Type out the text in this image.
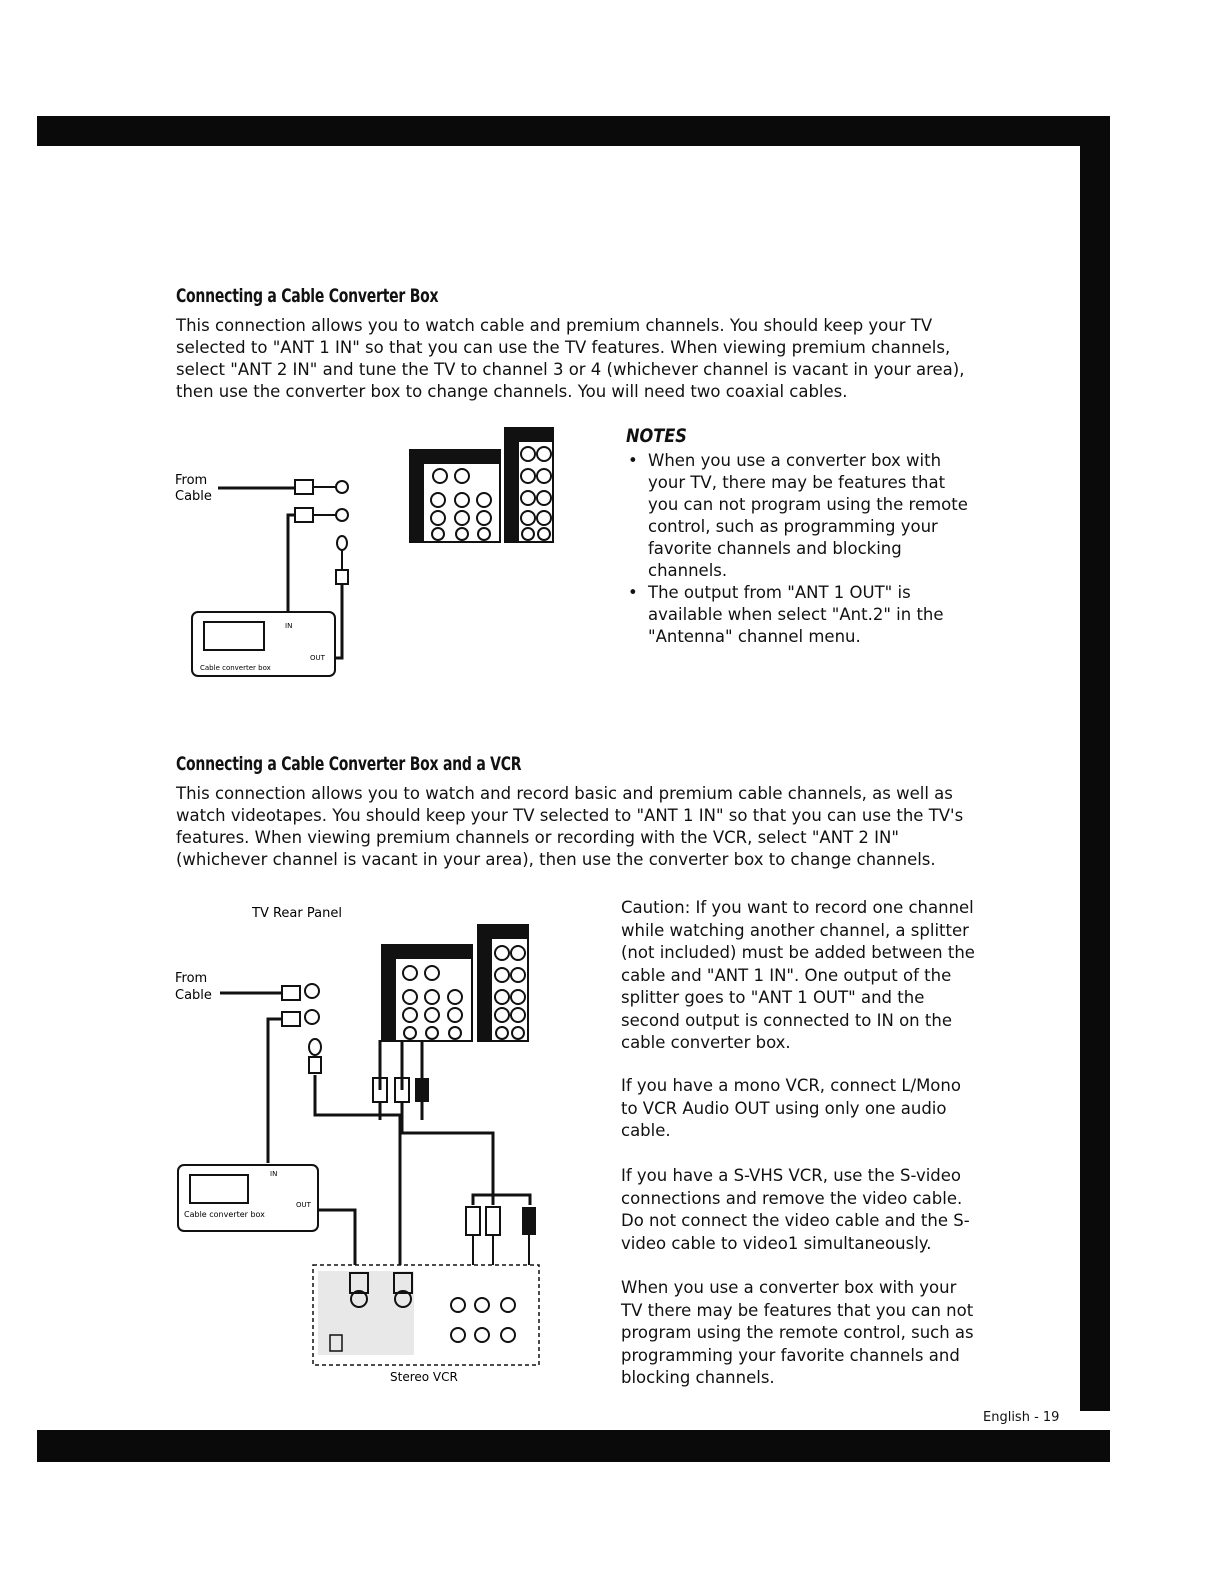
Connecting a Cable Converter Box
This connection allows you to watch cable and premium channels. You should keep your TV selected to "ANT 1 IN" so that you can use the TV features. When viewing premium channels, select "ANT 2 IN" and tune the TV to channel 3 or 4 (whichever channel is vacant in your area), then use the converter box to change channels. You will need two coaxial cables.
From
Cable
IN
OUT
Cable converter box
NOTES
• When you use a converter box with your TV, there may be features that you can not program using the remote control, such as programming your favorite channels and blocking channels.
• The output from "ANT 1 OUT" is available when select "Ant.2" in the "Antenna" channel menu.
Connecting a Cable Converter Box and a VCR
This connection allows you to watch and record basic and premium cable channels, as well as watch videotapes. You should keep your TV selected to "ANT 1 IN" so that you can use the TV's features. When viewing premium channels or recording with the VCR, select "ANT 2 IN" (whichever channel is vacant in your area), then use the converter box to change channels.
TV Rear Panel
From
Cable
IN
OUT
Cable converter box
Stereo VCR

Caution: If you want to record one channel while watching another channel, a splitter (not included) must be added between the cable and "ANT 1 IN". One output of the splitter goes to "ANT 1 OUT" and the second output is connected to IN on the cable converter box.

If you have a mono VCR, connect L/Mono to VCR Audio OUT using only one audio cable.

If you have a S-VHS VCR, use the S-video connections and remove the video cable. Do not connect the video cable and the S-video cable to video1 simultaneously.

When you use a converter box with your TV there may be features that you can not program using the remote control, such as programming your favorite channels and blocking channels.

English - 19
